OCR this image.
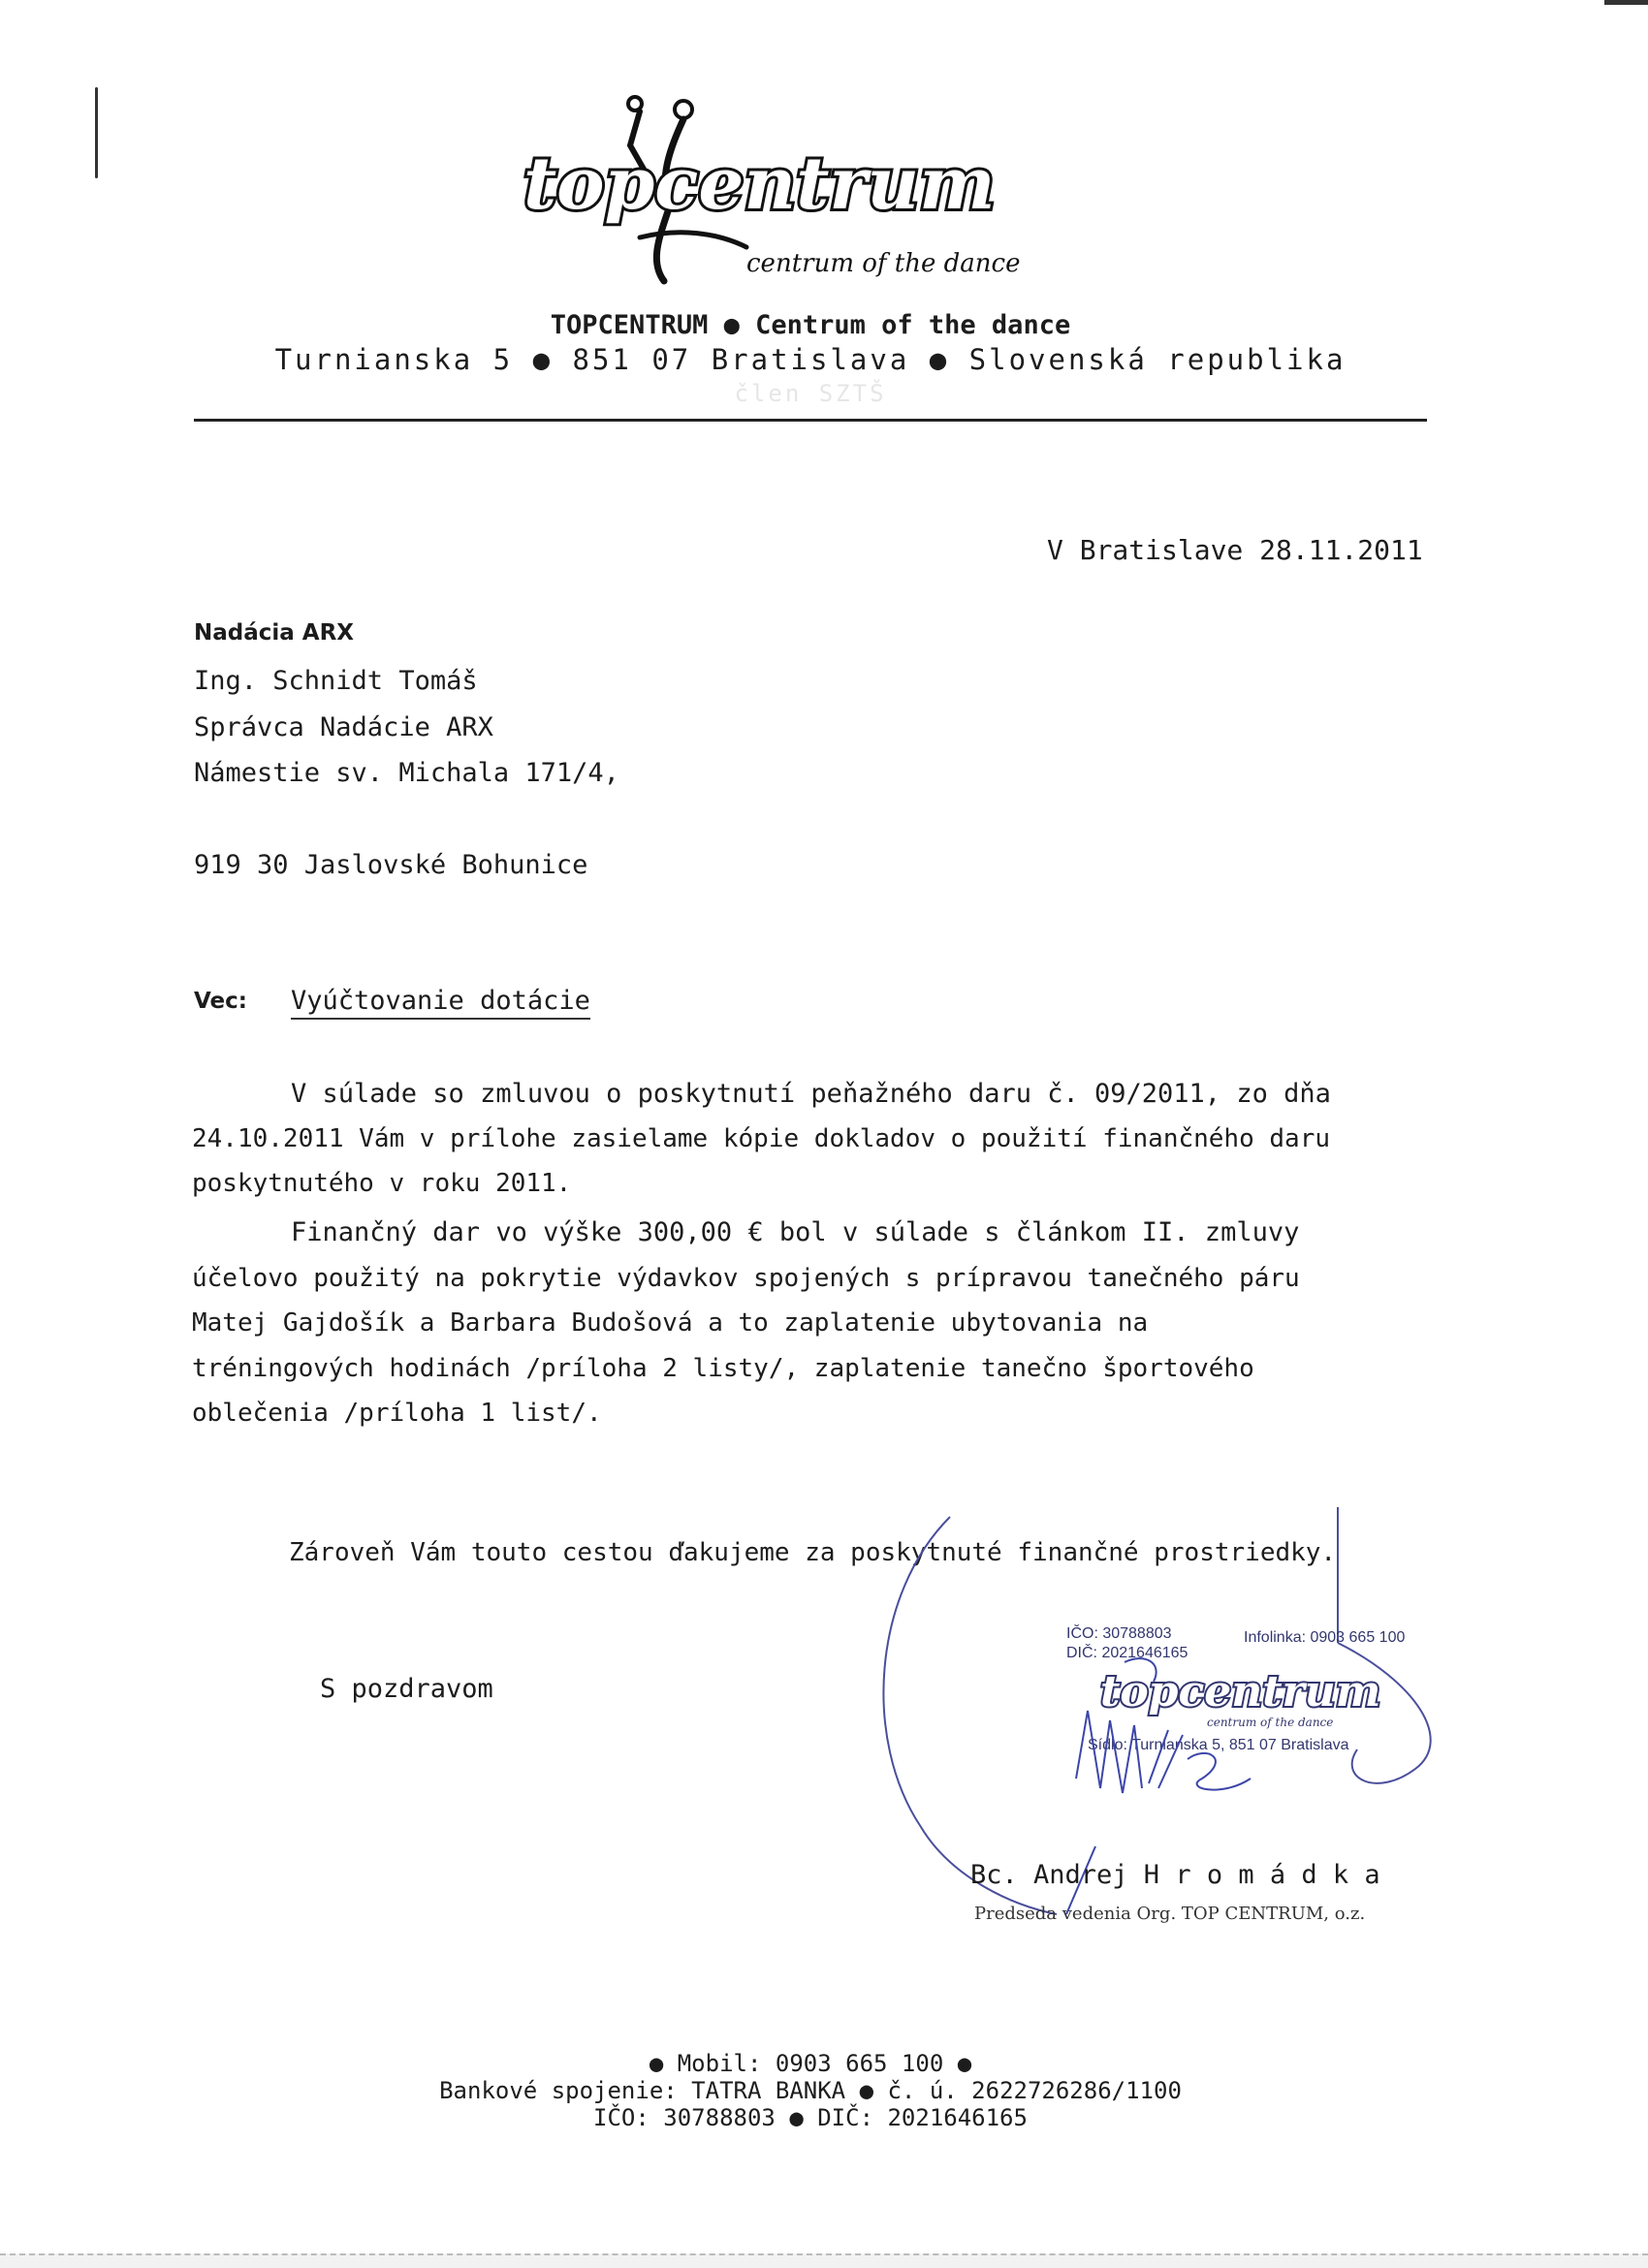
topcentrum
centrum of the dance
TOPCENTRUM ● Centrum of the dance
Turnianska 5 ● 851 07 Bratislava ● Slovenská republika
člen SZTŠ
V Bratislave 28.11.2011
Nadácia ARX
Ing. Schnidt Tomáš
Správca Nadácie ARX
Námestie sv. Michala 171/4,
919 30 Jaslovské Bohunice
Vec: Vyúčtovanie dotácie
V súlade so zmluvou o poskytnutí peňažného daru č. 09/2011, zo dňa
24.10.2011 Vám v prílohe zasielame kópie dokladov o použití finančného daru
poskytnutého v roku 2011.
Finančný dar vo výške 300,00 € bol v súlade s článkom II. zmluvy
účelovo použitý na pokrytie výdavkov spojených s prípravou tanečného páru
Matej Gajdošík a Barbara Budošová a to zaplatenie ubytovania na
tréningových hodinách /príloha 2 listy/, zaplatenie tanečno športového
oblečenia /príloha 1 list/.
Zároveň Vám touto cestou ďakujeme za poskytnuté finančné prostriedky.
S pozdravom
IČO: 30788803
DIČ: 2021646165
Infolinka: 0903 665 100
topcentrum
centrum of the dance
Sídlo: Turnianska 5, 851 07 Bratislava
Bc. Andrej H r o m á d k a
Predseda vedenia Org. TOP CENTRUM, o.z.
● Mobil: 0903 665 100 ●
Bankové spojenie: TATRA BANKA ● č. ú. 2622726286/1100
IČO: 30788803 ● DIČ: 2021646165
